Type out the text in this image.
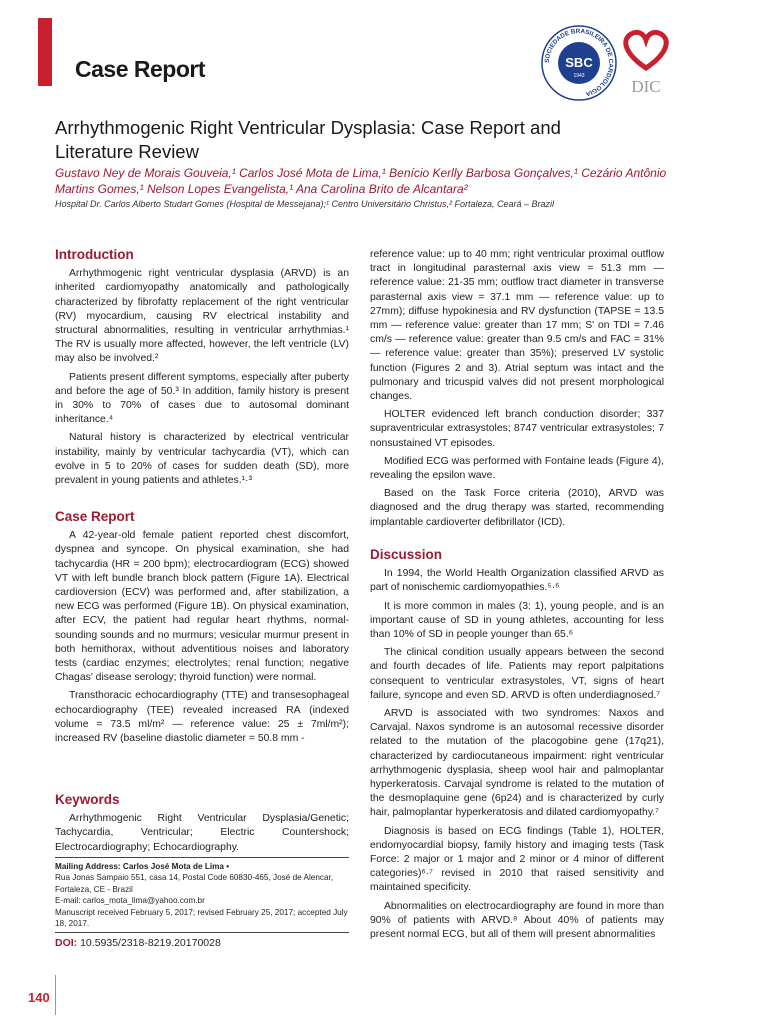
Case Report	SOCIEDADE BRASILEIRA DE CARDIOLOGIA
SBC
1943
DIC
Arrhythmogenic Right Ventricular Dysplasia: Case Report and
Literature Review
Gustavo Ney de Morais Gouveia,¹ Carlos José Mota de Lima,¹ Benício Kerlly Barbosa Gonçalves,¹ Cezário Antônio
Martins Gomes,¹ Nelson Lopes Evangelista,¹ Ana Carolina Brito de Alcantara²
Hospital Dr. Carlos Alberto Studart Gomes (Hospital de Messejana);¹ Centro Universitário Christus,² Fortaleza, Ceará – Brazil
Introduction

Arrhythmogenic right ventricular dysplasia (ARVD) is an inherited cardiomyopathy anatomically and pathologically characterized by fibrofatty replacement of the right ventricular (RV) myocardium, causing RV electrical instability and structural abnormalities, resulting in ventricular arrhythmias.¹ The RV is usually more affected, however, the left ventricle (LV) may also be involved.²

Patients present different symptoms, especially after puberty and before the age of 50.³ In addition, family history is present in 30% to 70% of cases due to autosomal dominant inheritance.⁴

Natural history is characterized by electrical ventricular instability, mainly by ventricular tachycardia (VT), which can evolve in 5 to 20% of cases for sudden death (SD), more prevalent in young patients and athletes.¹·³

Case Report

A 42-year-old female patient reported chest discomfort, dyspnea and syncope. On physical examination, she had tachycardia (HR = 200 bpm); electrocardiogram (ECG) showed VT with left bundle branch block pattern (Figure 1A). Electrical cardioversion (ECV) was performed and, after stabilization, a new ECG was performed (Figure 1B). On physical examination, after ECV, the patient had regular heart rhythms, normal-sounding sounds and no murmurs; vesicular murmur present in both hemithorax, without adventitious noises and laboratory tests (cardiac enzymes; electrolytes; renal function; negative Chagas' disease serology; thyroid function) were normal.

Transthoracic echocardiography (TTE) and transesophageal echocardiography (TEE) revealed increased RA (indexed volume = 73.5 ml/m² — reference value: 25 ± 7ml/m²); increased RV (baseline diastolic diameter = 50.8 mm -

Keywords

Arrhythmogenic Right Ventricular Dysplasia/Genetic; Tachycardia, Ventricular; Electric Countershock; Electrocardiography; Echocardiography.

Mailing Address: Carlos José Mota de Lima •
Rua Jonas Sampaio 551, casa 14, Postal Code 60830-465, José de Alencar, Fortaleza, CE - Brazil
E-mail: carlos_mota_lima@yahoo.com.br
Manuscript received February 5, 2017; revised February 25, 2017; accepted July 18, 2017.
DOI: 10.5935/2318-8219.20170028

reference value: up to 40 mm; right ventricular proximal outflow tract in longitudinal parasternal axis view = 51.3 mm — reference value: 21-35 mm; outflow tract diameter in transverse parasternal axis view = 37.1 mm — reference value: up to 27mm); diffuse hypokinesia and RV dysfunction (TAPSE = 13.5 mm — reference value: greater than 17 mm; S' on TDI = 7.46 cm/s — reference value: greater than 9.5 cm/s and FAC = 31% — reference value: greater than 35%); preserved LV systolic function (Figures 2 and 3). Atrial septum was intact and the pulmonary and tricuspid valves did not present morphological changes.

HOLTER evidenced left branch conduction disorder; 337 supraventricular extrasystoles; 8747 ventricular extrasystoles; 7 nonsustained VT episodes.

Modified ECG was performed with Fontaine leads (Figure 4), revealing the epsilon wave.

Based on the Task Force criteria (2010), ARVD was diagnosed and the drug therapy was started, recommending implantable cardioverter defibrillator (ICD).

Discussion

In 1994, the World Health Organization classified ARVD as part of nonischemic cardiomyopathies.⁵·⁶

It is more common in males (3: 1), young people, and is an important cause of SD in young athletes, accounting for less than 10% of SD in people younger than 65.⁶

The clinical condition usually appears between the second and fourth decades of life. Patients may report palpitations consequent to ventricular extrasystoles, VT, signs of heart failure, syncope and even SD. ARVD is often underdiagnosed.⁷

ARVD is associated with two syndromes: Naxos and Carvajal. Naxos syndrome is an autosomal recessive disorder related to the mutation of the placogobine gene (17q21), characterized by cardiocutaneous impairment: right ventricular arrhythmogenic dysplasia, sheep wool hair and palmoplantar hyperkeratosis. Carvajal syndrome is related to the mutation of the desmoplaquine gene (6p24) and is characterized by curly hair, palmoplantar hyperkeratosis and dilated cardiomyopathy.⁷

Diagnosis is based on ECG findings (Table 1), HOLTER, endomyocardial biopsy, family history and imaging tests (Task Force: 2 major or 1 major and 2 minor or 4 minor of different categories)⁶·⁷ revised in 2010 that raised sensitivity and maintained specificity.

Abnormalities on electrocardiography are found in more than 90% of patients with ARVD.⁸ About 40% of patients may present normal ECG, but all of them will present abnormalities

140
